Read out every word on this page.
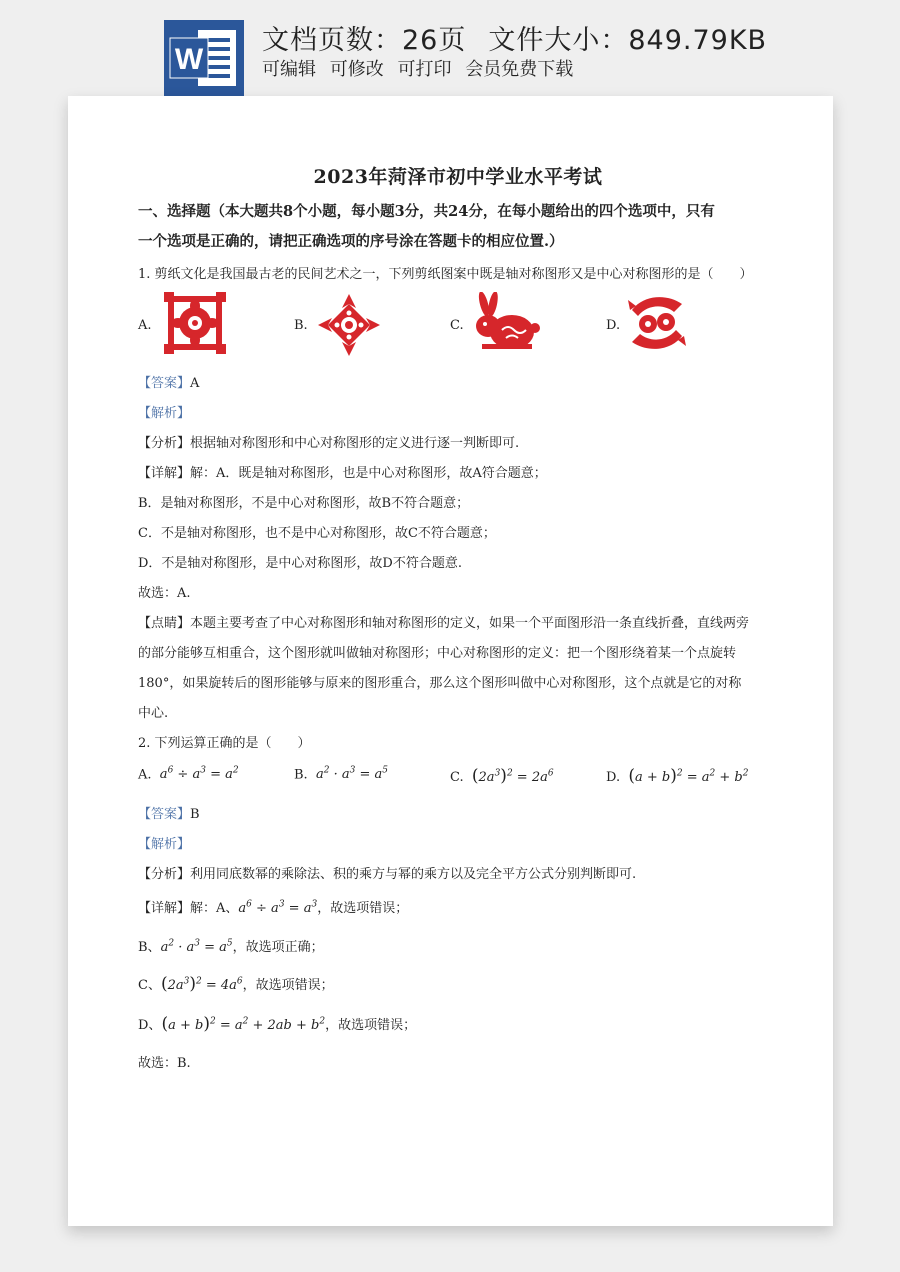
W
文档页数：26页 文件大小：849.79KB
可编辑 可修改 可打印 会员免费下载
2023年菏泽市初中学业水平考试
一、选择题（本大题共8个小题，每小题3分，共24分，在每小题给出的四个选项中，只有
一个选项是正确的，请把正确选项的序号涂在答题卡的相应位置.）
1. 剪纸文化是我国最古老的民间艺术之一，下列剪纸图案中既是轴对称图形又是中心对称图形的是（　　）
A.	B.	C.	D.
【答案】A
【解析】
【分析】根据轴对称图形和中心对称图形的定义进行逐一判断即可.
【详解】解：A．既是轴对称图形，也是中心对称图形，故A符合题意；
B．是轴对称图形，不是中心对称图形，故B不符合题意；
C．不是轴对称图形，也不是中心对称图形，故C不符合题意；
D．不是轴对称图形，是中心对称图形，故D不符合题意.
故选：A.
【点睛】本题主要考查了中心对称图形和轴对称图形的定义，如果一个平面图形沿一条直线折叠，直线两旁
的部分能够互相重合，这个图形就叫做轴对称图形；中心对称图形的定义：把一个图形绕着某一个点旋转
180°，如果旋转后的图形能够与原来的图形重合，那么这个图形叫做中心对称图形，这个点就是它的对称
中心.
2. 下列运算正确的是（　　）
A. $a^6 \div a^3 = a^2$	B. $a^2 \cdot a^3 = a^5$	C. $(2a^3)^2 = 2a^6$	D. $(a + b)^2 = a^2 + b^2$
【答案】B
【解析】
【分析】利用同底数幂的乘除法、积的乘方与幂的乘方以及完全平方公式分别判断即可.
【详解】解：A、$a^6 \div a^3 = a^3$，故选项错误；
B、$a^2 \cdot a^3 = a^5$，故选项正确；
C、$(2a^3)^2 = 4a^6$，故选项错误；
D、$(a + b)^2 = a^2 + 2ab + b^2$，故选项错误；
故选：B.
